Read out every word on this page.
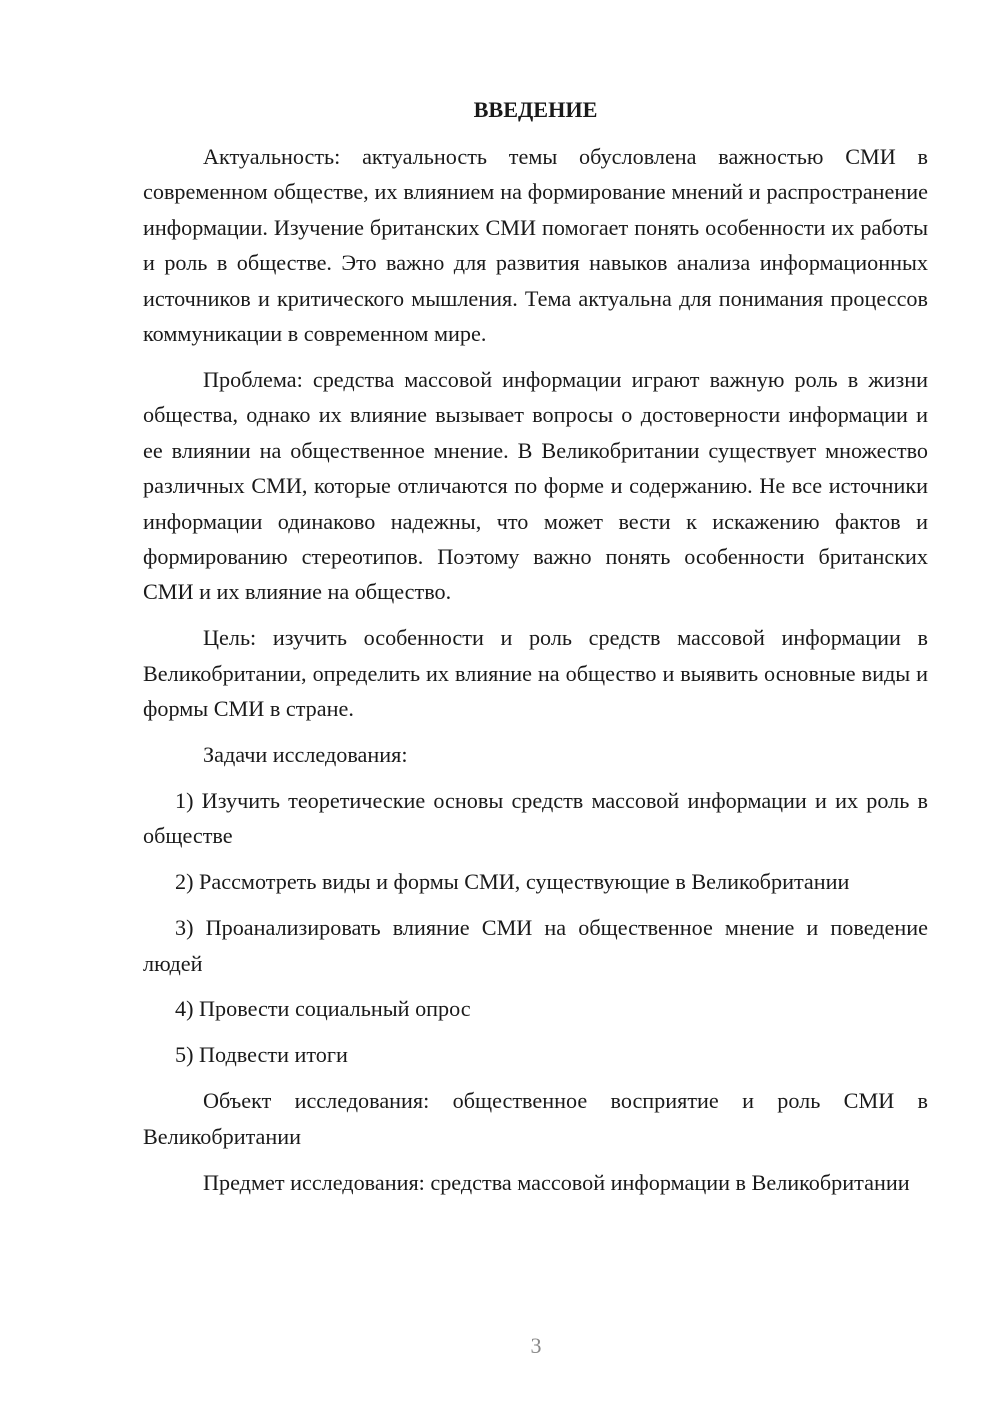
ВВЕДЕНИЕ

Актуальность: актуальность темы обусловлена важностью СМИ в современном обществе, их влиянием на формирование мнений и распространение информации. Изучение британских СМИ помогает понять особенности их работы и роль в обществе. Это важно для развития навыков анализа информационных источников и критического мышления. Тема актуальна для понимания процессов коммуникации в современном мире.

Проблема: средства массовой информации играют важную роль в жизни общества, однако их влияние вызывает вопросы о достоверности информации и ее влиянии на общественное мнение. В Великобритании существует множество различных СМИ, которые отличаются по форме и содержанию. Не все источники информации одинаково надежны, что может вести к искажению фактов и формированию стереотипов. Поэтому важно понять особенности британских СМИ и их влияние на общество.

Цель: изучить особенности и роль средств массовой информации в Великобритании, определить их влияние на общество и выявить основные виды и формы СМИ в стране.

Задачи исследования:

1) Изучить теоретические основы средств массовой информации и их роль в обществе

2) Рассмотреть виды и формы СМИ, существующие в Великобритании

3) Проанализировать влияние СМИ на общественное мнение и поведение людей

4) Провести социальный опрос

5) Подвести итоги

Объект исследования: общественное восприятие и роль СМИ в Великобритании

Предмет исследования: средства массовой информации в Великобритании

3
